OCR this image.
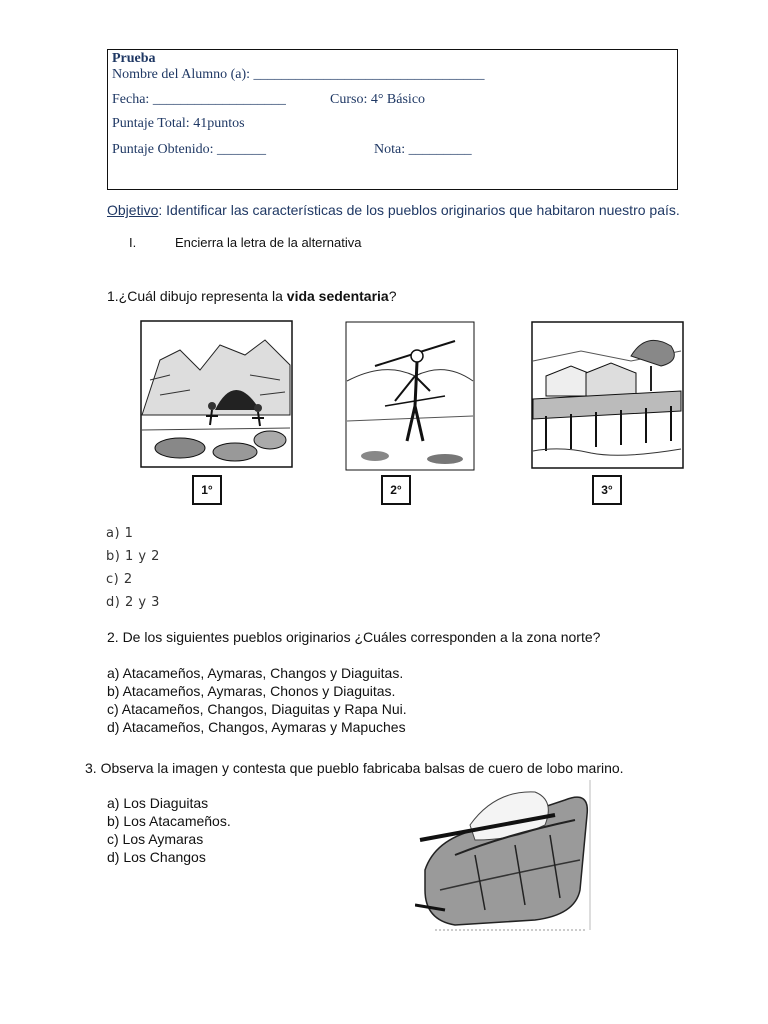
Prueba
Nombre del Alumno (a): _________________________________
Fecha: ___________________	Curso: 4° Básico
Puntaje Total: 41puntos
Puntaje Obtenido: _______	Nota: _________
Objetivo: Identificar las características de los pueblos originarios que habitaron nuestro país.
I.	Encierra la letra de la alternativa
1.¿Cuál dibujo representa la vida sedentaria?
1°	2°	3°
a) 1
b) 1 y 2
c) 2
d) 2 y 3
2. De los siguientes pueblos originarios ¿Cuáles corresponden a la zona norte?
a) Atacameños, Aymaras, Changos y Diaguitas.
b) Atacameños, Aymaras, Chonos y Diaguitas.
c) Atacameños, Changos, Diaguitas y Rapa Nui.
d) Atacameños, Changos, Aymaras y Mapuches
3. Observa la imagen y contesta que pueblo fabricaba balsas de cuero de lobo marino.
a) Los Diaguitas
b) Los Atacameños.
c) Los Aymaras
d) Los Changos
